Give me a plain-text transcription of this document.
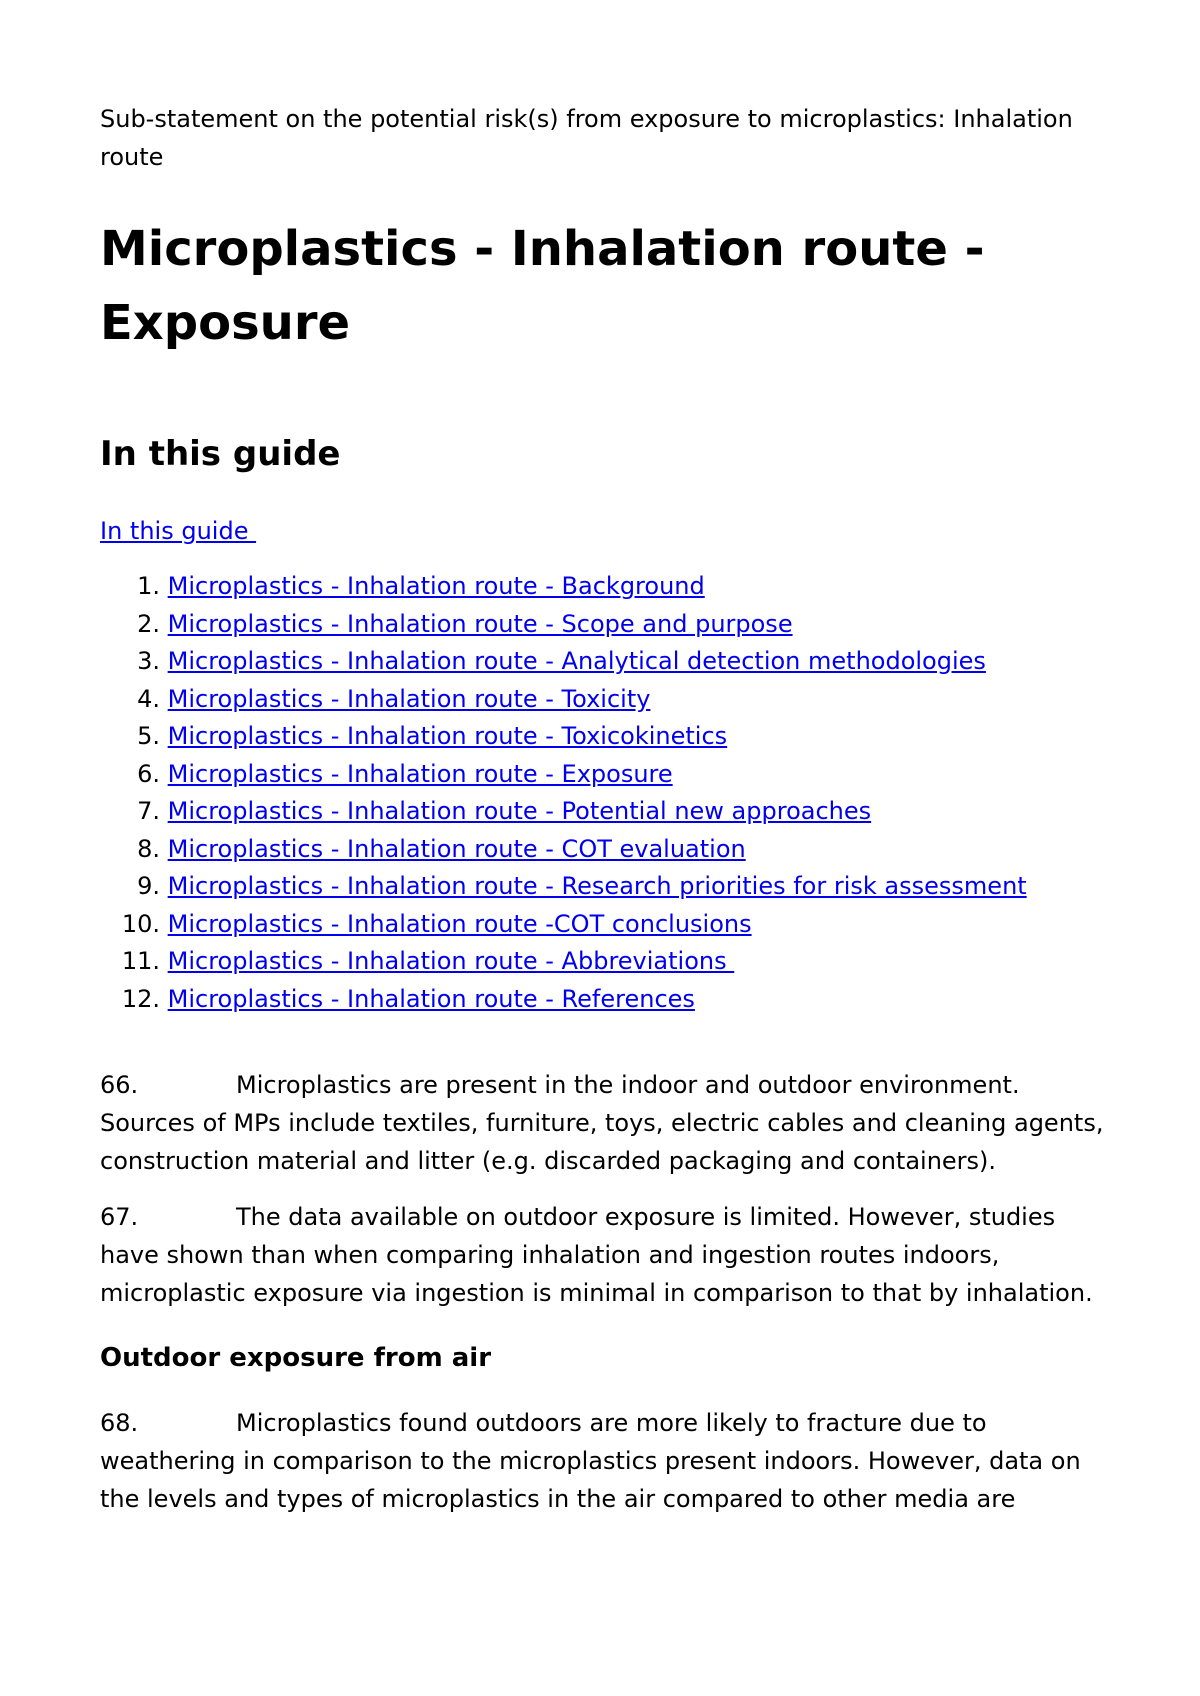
Sub-statement on the potential risk(s) from exposure to microplastics: Inhalation route

Microplastics - Inhalation route - Exposure
In this guide
In this guide
1.
Microplastics - Inhalation route - Background
2.
Microplastics - Inhalation route - Scope and purpose
3.
Microplastics - Inhalation route - Analytical detection methodologies
4.
Microplastics - Inhalation route - Toxicity
5.
Microplastics - Inhalation route - Toxicokinetics
6.
Microplastics - Inhalation route - Exposure
7.
Microplastics - Inhalation route - Potential new approaches
8.
Microplastics - Inhalation route - COT evaluation
9.
Microplastics - Inhalation route - Research priorities for risk assessment
10.
Microplastics - Inhalation route -COT conclusions
11.
Microplastics - Inhalation route - Abbreviations
12.
Microplastics - Inhalation route - References

66.	Microplastics are present in the indoor and outdoor environment. Sources of MPs include textiles, furniture, toys, electric cables and cleaning agents, construction material and litter (e.g. discarded packaging and containers).

67.	The data available on outdoor exposure is limited. However, studies have shown than when comparing inhalation and ingestion routes indoors, microplastic exposure via ingestion is minimal in comparison to that by inhalation.

Outdoor exposure from air

68.	Microplastics found outdoors are more likely to fracture due to weathering in comparison to the microplastics present indoors. However, data on the levels and types of microplastics in the air compared to other media are
